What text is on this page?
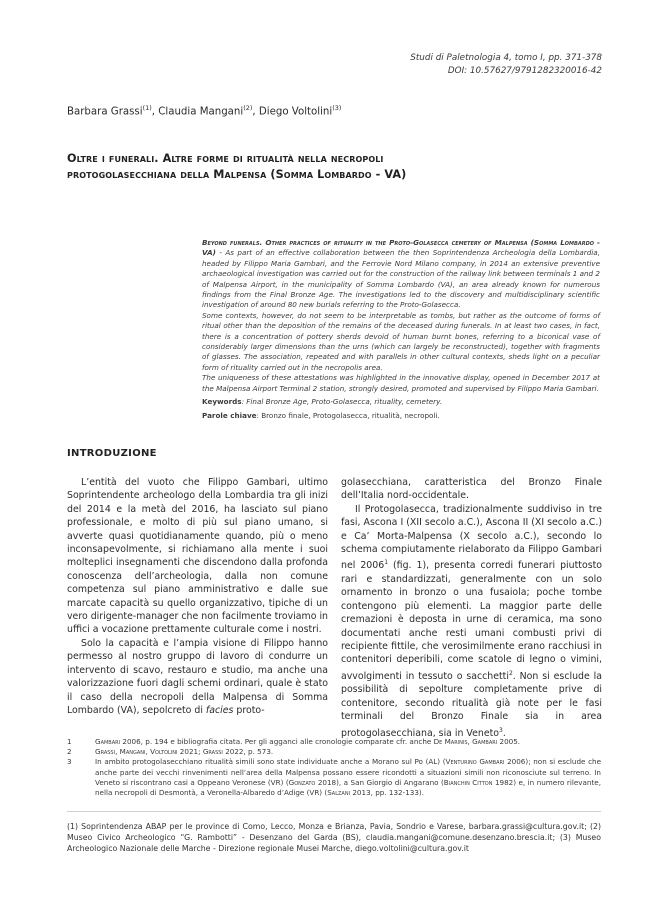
Studi di Paletnologia 4, tomo I, pp. 371-378
DOI: 10.57627/9791282320016-42
Barbara Grassi$^{(1)}$, Claudia Mangani$^{(2)}$, Diego Voltolini$^{(3)}$
Oltre i funerali. Altre forme di ritualità nella necropoli
protogolasecchiana della Malpensa (Somma Lombardo - VA)

Beyond funerals. Other practices of rituality in the Proto-Golasecca cemetery of Malpensa (Somma Lombardo - VA) - As part of an effective collaboration between the then Soprintendenza Archeologia della Lombardia, headed by Filippo Maria Gambari, and the Ferrovie Nord Milano company, in 2014 an extensive preventive archaeological investigation was carried out for the construction of the railway link between terminals 1 and 2 of Malpensa Airport, in the municipality of Somma Lombardo (VA), an area already known for numerous findings from the Final Bronze Age. The investigations led to the discovery and multidisciplinary scientific investigation of around 80 new burials referring to the Proto-Golasecca.

Some contexts, however, do not seem to be interpretable as tombs, but rather as the outcome of forms of ritual other than the deposition of the remains of the deceased during funerals. In at least two cases, in fact, there is a concentration of pottery sherds devoid of human burnt bones, referring to a biconical vase of considerably larger dimensions than the urns (which can largely be reconstructed), together with fragments of glasses. The association, repeated and with parallels in other cultural contexts, sheds light on a peculiar form of rituality carried out in the necropolis area.

The uniqueness of these attestations was highlighted in the innovative display, opened in December 2017 at the Malpensa Airport Terminal 2 station, strongly desired, promoted and supervised by Filippo Maria Gambari.

Keywords: Final Bronze Age, Proto-Golasecca, rituality, cemetery.
Parole chiave: Bronzo finale, Protogolasecca, ritualità, necropoli.
INTRODUZIONE

L’entità del vuoto che Filippo Gambari, ultimo Soprintendente archeologo della Lombardia tra gli inizi del 2014 e la metà del 2016, ha lasciato sul piano professionale, e molto di più sul piano umano, si avverte quasi quotidianamente quando, più o meno inconsapevolmente, si richiamano alla mente i suoi molteplici insegnamenti che discendono dalla profonda conoscenza dell’archeologia, dalla non comune competenza sul piano amministrativo e dalle sue marcate capacità su quello organizzativo, tipiche di un vero dirigente-manager che non facilmente troviamo in uffici a vocazione prettamente culturale come i nostri.

Solo la capacità e l’ampia visione di Filippo hanno permesso al nostro gruppo di lavoro di condurre un intervento di scavo, restauro e studio, ma anche una valorizzazione fuori dagli schemi ordinari, quale è stato il caso della necropoli della Malpensa di Somma Lombardo (VA), sepolcreto di facies proto-

golasecchiana, caratteristica del Bronzo Finale dell’Italia nord-occidentale.

Il Protogolasecca, tradizionalmente suddiviso in tre fasi, Ascona I (XII secolo a.C.), Ascona II (XI secolo a.C.) e Ca’ Morta-Malpensa (X secolo a.C.), secondo lo schema compiutamente rielaborato da Filippo Gambari nel 2006$^1$ (fig. 1), presenta corredi funerari piuttosto rari e standardizzati, generalmente con un solo ornamento in bronzo o una fusaiola; poche tombe contengono più elementi. La maggior parte delle cremazioni è deposta in urne di ceramica, ma sono documentati anche resti umani combusti privi di recipiente fittile, che verosimilmente erano racchiusi in contenitori deperibili, come scatole di legno o vimini, avvolgimenti in tessuto o sacchetti$^2$. Non si esclude la possibilità di sepolture completamente prive di contenitore, secondo ritualità già note per le fasi terminali del Bronzo Finale sia in area protogolasecchiana, sia in Veneto$^3$.

1	Gambari 2006, p. 194 e bibliografia citata. Per gli agganci alle cronologie comparate cfr. anche De Marinis, Gambari 2005.
2	Grassi, Mangani, Voltolini 2021; Grassi 2022, p. 573.
3	In ambito protogolasecchiano ritualità simili sono state individuate anche a Morano sul Po (AL) (Venturino Gambari 2006); non si esclude che anche parte dei vecchi rinvenimenti nell’area della Malpensa possano essere ricondotti a situazioni simili non riconosciute sul terreno. In Veneto si riscontrano casi a Oppeano Veronese (VR) (Gonzato 2018), a San Giorgio di Angarano (Bianchin Citton 1982) e, in numero rilevante, nella necropoli di Desmontà, a Veronella-Albaredo d’Adige (VR) (Salzani 2013, pp. 132-133).
(1) Soprintendenza ABAP per le province di Como, Lecco, Monza e Brianza, Pavia, Sondrio e Varese, barbara.grassi@cultura.gov.it; (2) Museo Civico Archeologico “G. Rambotti” - Desenzano del Garda (BS), claudia.mangani@comune.desenzano.brescia.it; (3) Museo Archeologico Nazionale delle Marche - Direzione regionale Musei Marche, diego.voltolini@cultura.gov.it
